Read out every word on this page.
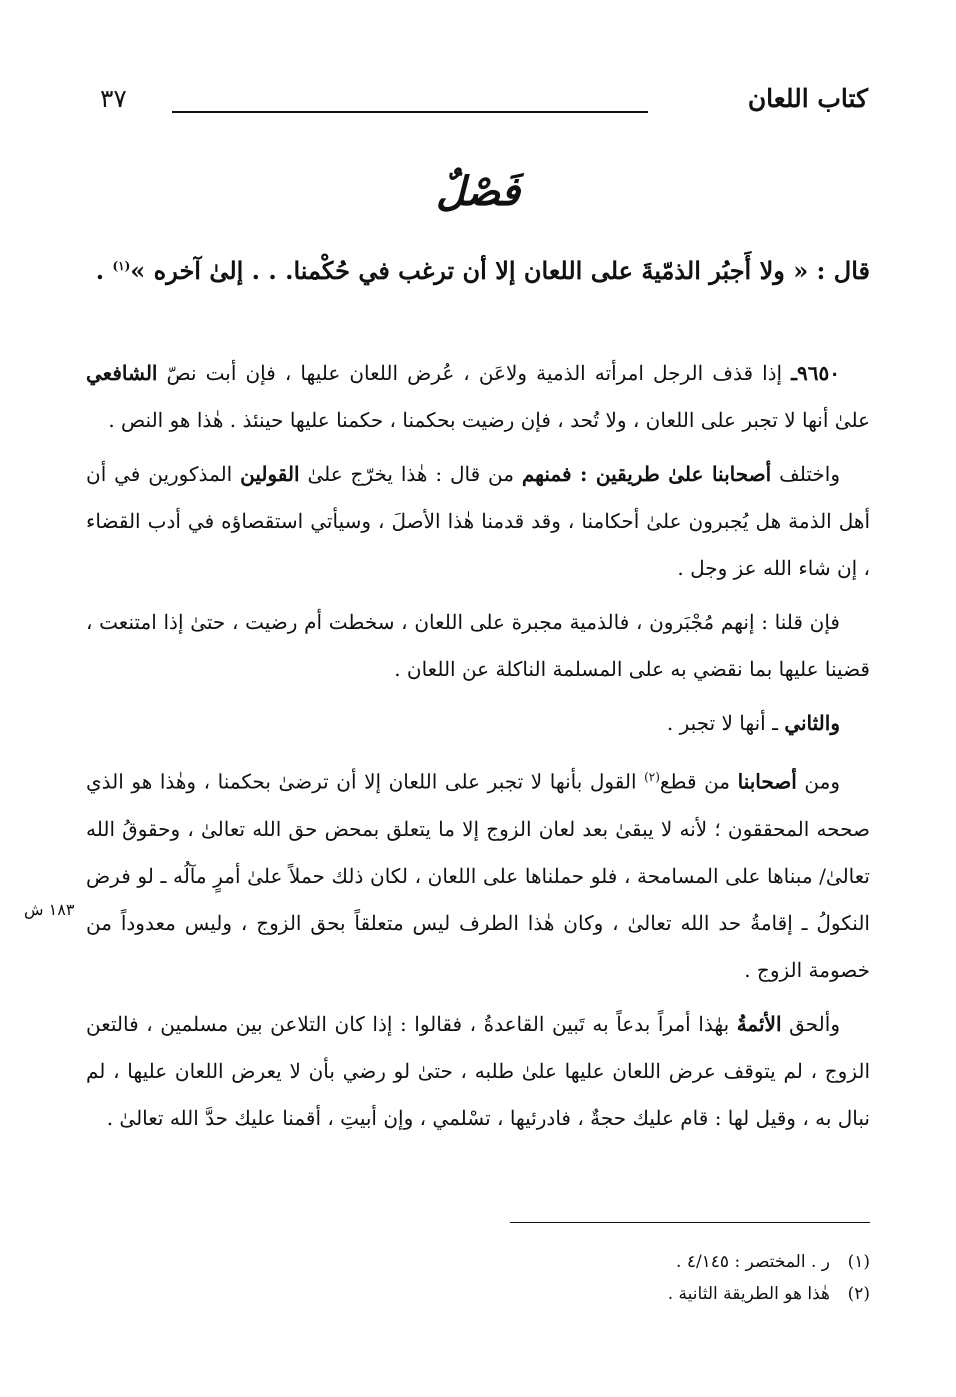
كتاب اللعان
٣٧
فَصْلٌ
قال : « ولا أَجبُر الذمّيةَ على اللعان إلا أن ترغب في حُكْمنا. . . إلىٰ آخره »$^{(١)}$ .

٩٦٥٠ـ إذا قذف الرجل امرأته الذمية ولاعَن ، عُرض اللعان عليها ، فإن أبت نصّ الشافعي علىٰ أنها لا تجبر على اللعان ، ولا تُحد ، فإن رضيت بحكمنا ، حكمنا عليها حينئذ . هٰذا هو النص .

واختلف أصحابنا علىٰ طريقين : فمنهم من قال : هٰذا يخرّج علىٰ القولين المذكورين في أن أهل الذمة هل يُجبرون علىٰ أحكامنا ، وقد قدمنا هٰذا الأصلَ ، وسيأتي استقصاؤه في أدب القضاء ، إن شاء الله عز وجل .

فإن قلنا : إنهم مُجْبَرون ، فالذمية مجبرة على اللعان ، سخطت أم رضيت ، حتىٰ إذا امتنعت ، قضينا عليها بما نقضي به على المسلمة الناكلة عن اللعان .

والثاني ـ أنها لا تجبر .

ومن أصحابنا من قطع$^{(٢)}$ القول بأنها لا تجبر على اللعان إلا أن ترضىٰ بحكمنا ، وهٰذا هو الذي صححه المحققون ؛ لأنه لا يبقىٰ بعد لعان الزوج إلا ما يتعلق بمحض حق الله تعالىٰ ، وحقوقُ الله تعالىٰ/ مبناها على المسامحة ، فلو حملناها على اللعان ، لكان ذلك حملاً علىٰ أمرٍ مآلُه ـ لو فرض النكولُ ـ إقامةُ حد الله تعالىٰ ، وكان هٰذا الطرف ليس متعلقاً بحق الزوج ، وليس معدوداً من خصومة الزوج .

وألحق الأئمةُ بهٰذا أمراً بدعاً به تَبين القاعدةُ ، فقالوا : إذا كان التلاعن بين مسلمين ، فالتعن الزوج ، لم يتوقف عرض اللعان عليها علىٰ طلبه ، حتىٰ لو رضي بأن لا يعرض اللعان عليها ، لم نبال به ، وقيل لها : قام عليك حجةٌ ، فادرئيها ، تسْلمي ، وإن أبيتِ ، أقمنا عليك حدَّ الله تعالىٰ .

١٨٣ ش

(١)ر . المختصر : ٤/١٤٥ .

(٢)هٰذا هو الطريقة الثانية .
